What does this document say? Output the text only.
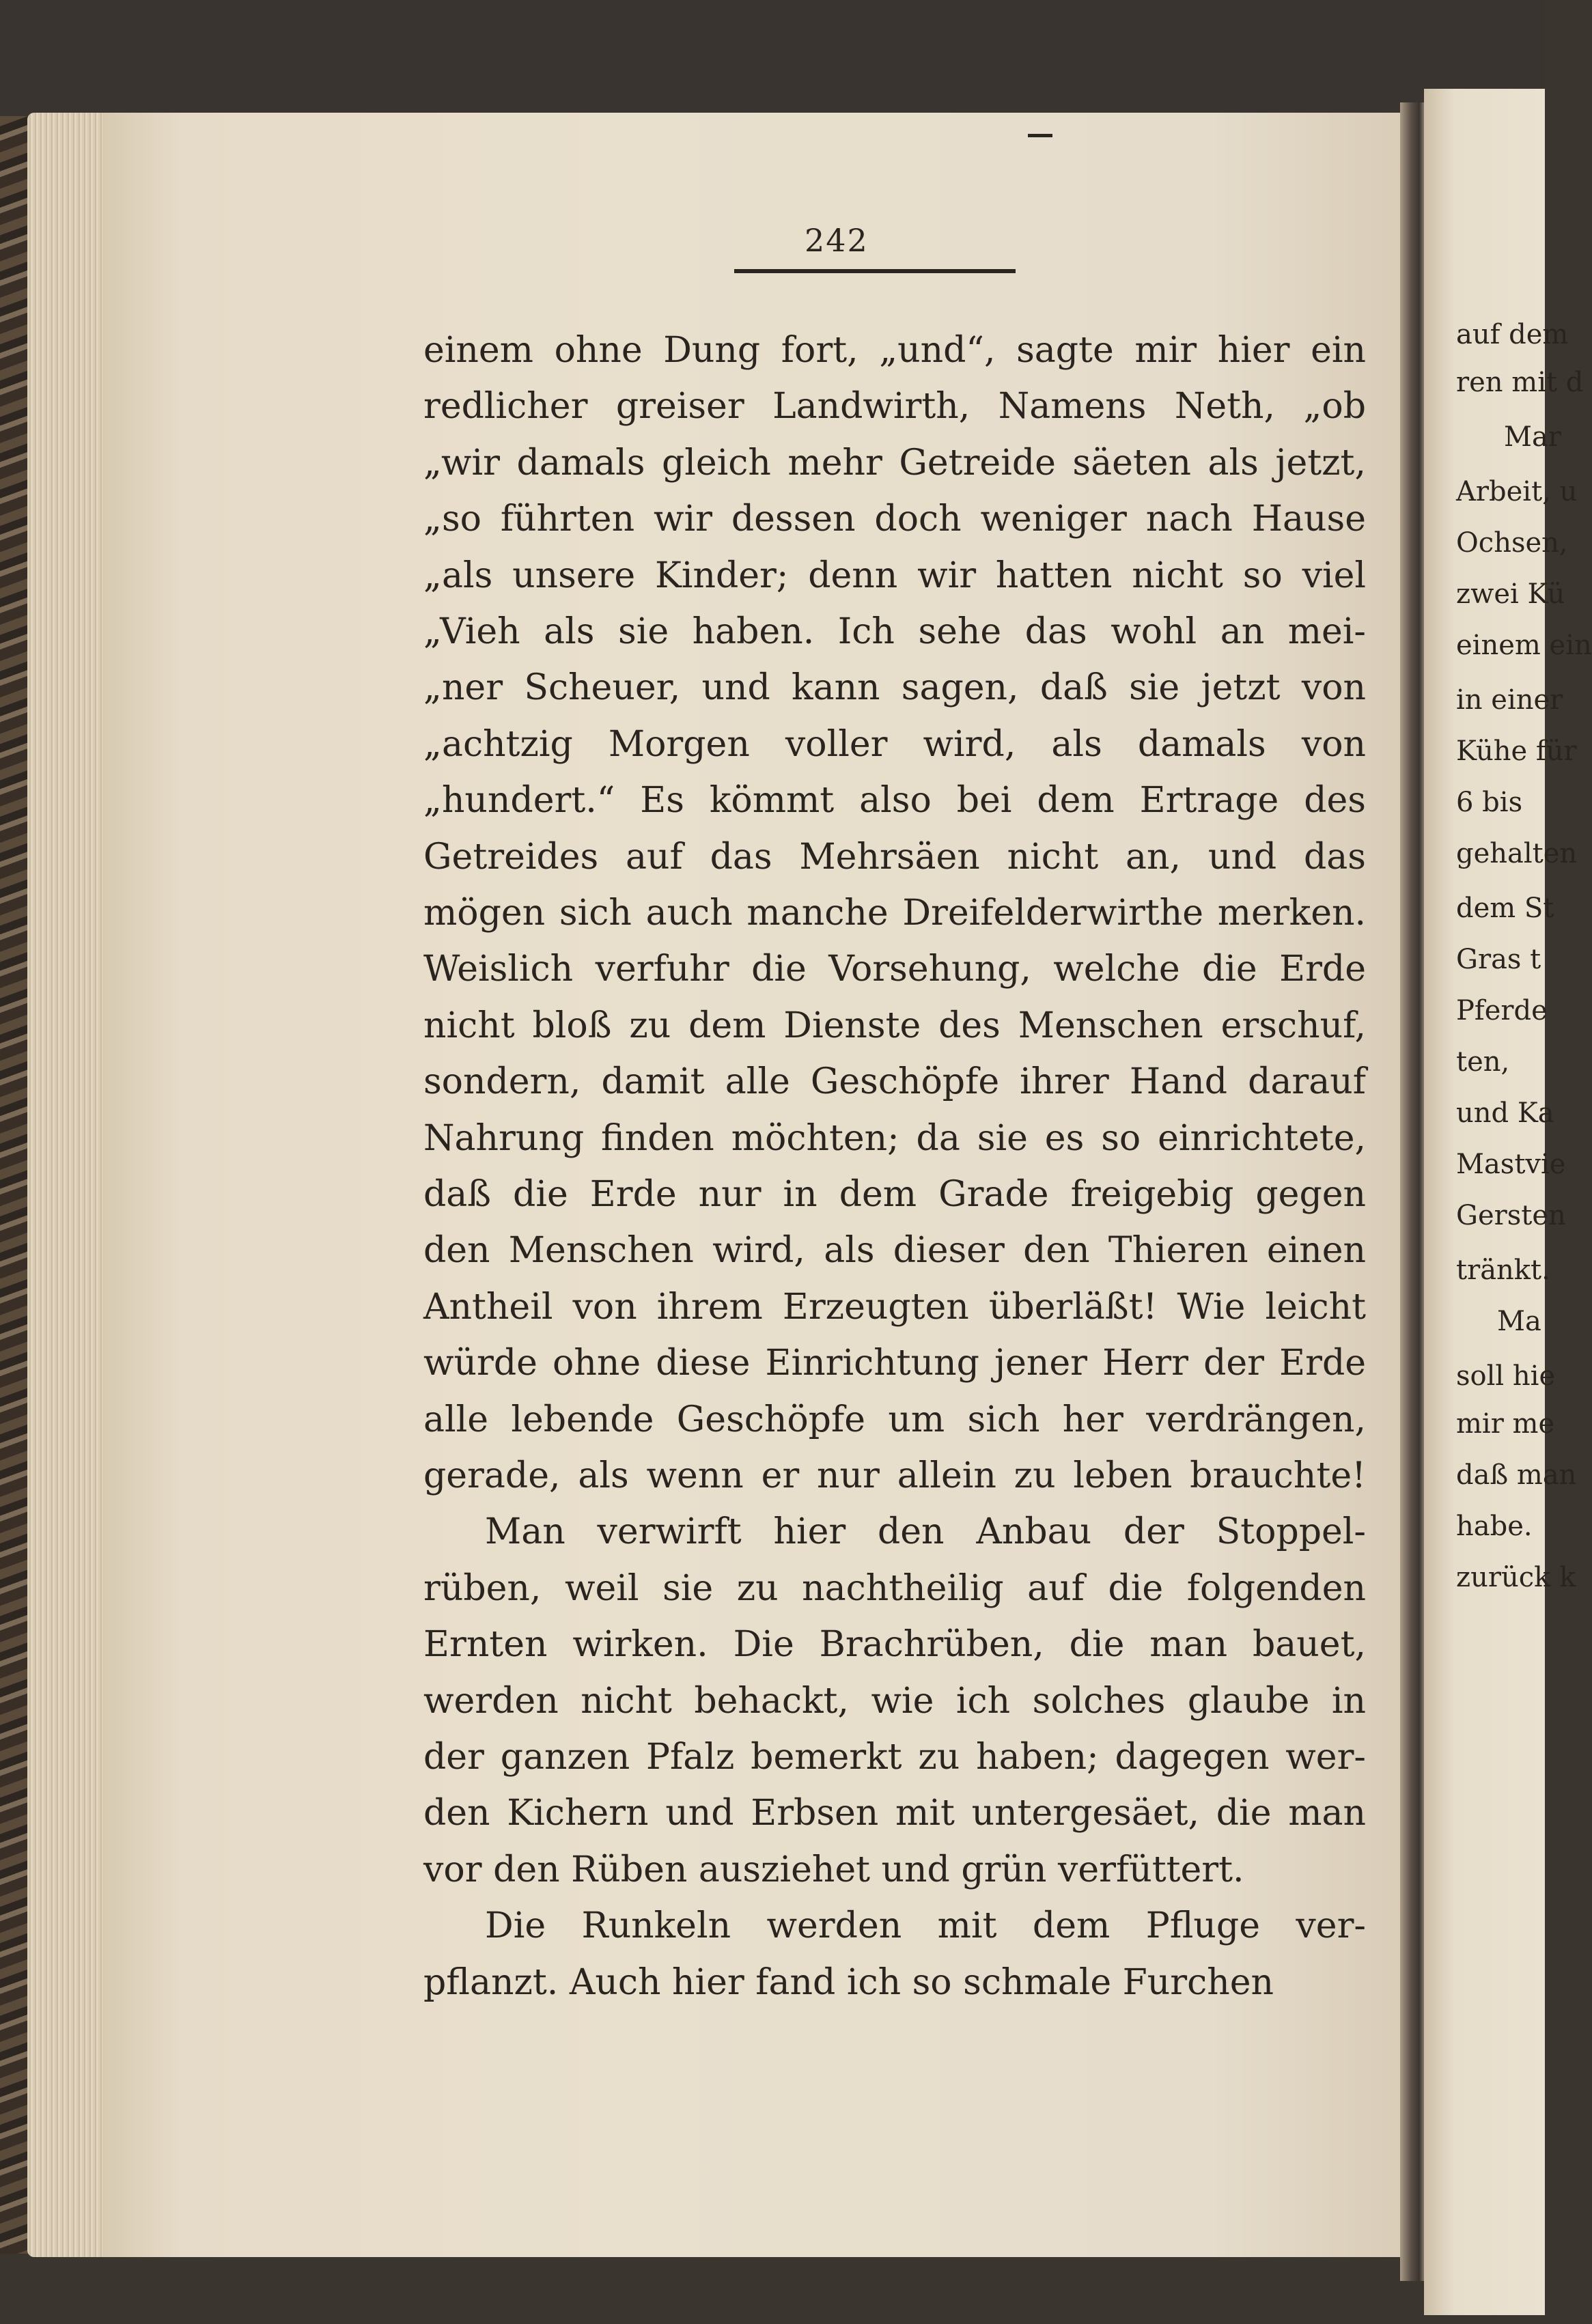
242
einem ohne Dung fort, „und“, sagte mir hier ein
redlicher greiser Landwirth, Namens Neth, „ob
„wir damals gleich mehr Getreide säeten als jetzt,
„so führten wir dessen doch weniger nach Hause
„als unsere Kinder; denn wir hatten nicht so viel
„Vieh als sie haben. Ich sehe das wohl an mei-
„ner Scheuer, und kann sagen, daß sie jetzt von
„achtzig Morgen voller wird, als damals von
„hundert.“ Es kömmt also bei dem Ertrage des
Getreides auf das Mehrsäen nicht an, und das
mögen sich auch manche Dreifelderwirthe merken.
Weislich verfuhr die Vorsehung, welche die Erde
nicht bloß zu dem Dienste des Menschen erschuf,
sondern, damit alle Geschöpfe ihrer Hand darauf
Nahrung finden möchten; da sie es so einrichtete,
daß die Erde nur in dem Grade freigebig gegen
den Menschen wird, als dieser den Thieren einen
Antheil von ihrem Erzeugten überläßt! Wie leicht
würde ohne diese Einrichtung jener Herr der Erde
alle lebende Geschöpfe um sich her verdrängen,
gerade, als wenn er nur allein zu leben brauchte!
Man verwirft hier den Anbau der Stoppel-
rüben, weil sie zu nachtheilig auf die folgenden
Ernten wirken. Die Brachrüben, die man bauet,
werden nicht behackt, wie ich solches glaube in
der ganzen Pfalz bemerkt zu haben; dagegen wer-
den Kichern und Erbsen mit untergesäet, die man
vor den Rüben ausziehet und grün verfüttert.
Die Runkeln werden mit dem Pfluge ver-
pflanzt. Auch hier fand ich so schmale Furchen
auf dem
ren mit d
Mar
Arbeit, u
Ochsen,
zwei Kü
einem ein
in einer
Kühe für
6 bis
gehalten
dem St
Gras t
Pferde
ten,
und Ka
Mastvie
Gersten
tränkt.
Ma
soll hie
mir me
daß man
habe.
zurück k
